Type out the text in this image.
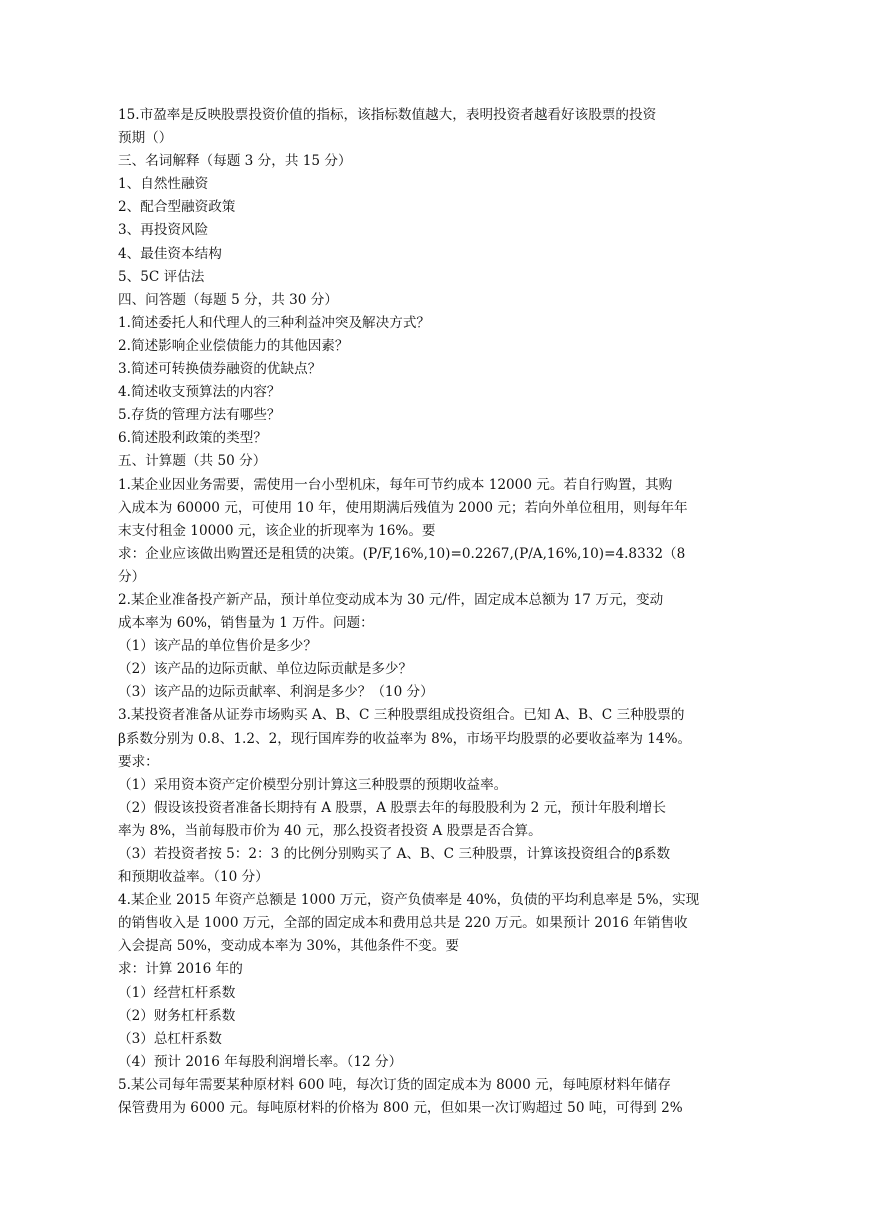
15.市盈率是反映股票投资价值的指标，该指标数值越大，表明投资者越看好该股票的投资
预期（）
三、名词解释（每题 3 分，共 15 分）
1、自然性融资
2、配合型融资政策
3、再投资风险
4、最佳资本结构
5、5C 评估法
四、问答题（每题 5 分，共 30 分）
1.简述委托人和代理人的三种利益冲突及解决方式？
2.简述影响企业偿债能力的其他因素？
3.简述可转换债券融资的优缺点？
4.简述收支预算法的内容？
5.存货的管理方法有哪些？
6.简述股利政策的类型？
五、计算题（共 50 分）
1.某企业因业务需要，需使用一台小型机床，每年可节约成本 12000 元。若自行购置，其购
入成本为 60000 元，可使用 10 年，使用期满后残值为 2000 元；若向外单位租用，则每年年
末支付租金 10000 元，该企业的折现率为 16%。要
求：企业应该做出购置还是租赁的决策。(P/F,16%,10)=0.2267,(P/A,16%,10)=4.8332（8
分）
2.某企业准备投产新产品，预计单位变动成本为 30 元/件，固定成本总额为 17 万元，变动
成本率为 60%，销售量为 1 万件。问题：
（1）该产品的单位售价是多少？
（2）该产品的边际贡献、单位边际贡献是多少？
（3）该产品的边际贡献率、利润是多少？（10 分）
3.某投资者准备从证券市场购买 A、B、C 三种股票组成投资组合。已知 A、B、C 三种股票的
β系数分别为 0.8、1.2、2，现行国库券的收益率为 8%，市场平均股票的必要收益率为 14%。
要求：
（1）采用资本资产定价模型分别计算这三种股票的预期收益率。
（2）假设该投资者准备长期持有 A 股票，A 股票去年的每股股利为 2 元，预计年股利增长
率为 8%，当前每股市价为 40 元，那么投资者投资 A 股票是否合算。
（3）若投资者按 5：2：3 的比例分别购买了 A、B、C 三种股票，计算该投资组合的β系数
和预期收益率。（10 分）
4.某企业 2015 年资产总额是 1000 万元，资产负债率是 40%，负债的平均利息率是 5%，实现
的销售收入是 1000 万元，全部的固定成本和费用总共是 220 万元。如果预计 2016 年销售收
入会提高 50%，变动成本率为 30%，其他条件不变。要
求：计算 2016 年的
（1）经营杠杆系数
（2）财务杠杆系数
（3）总杠杆系数
（4）预计 2016 年每股利润增长率。（12 分）
5.某公司每年需要某种原材料 600 吨，每次订货的固定成本为 8000 元，每吨原材料年储存
保管费用为 6000 元。每吨原材料的价格为 800 元，但如果一次订购超过 50 吨，可得到 2%
